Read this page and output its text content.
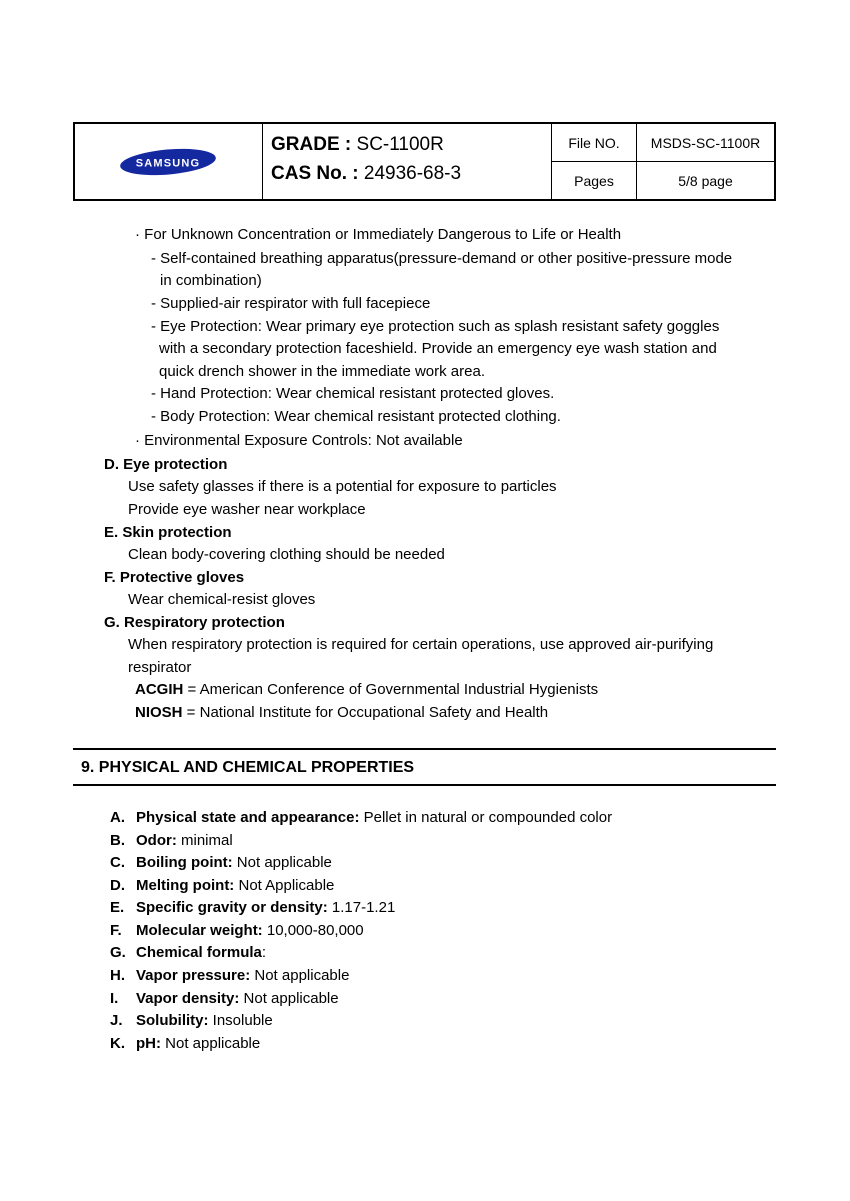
SAMSUNG
GRADE : SC-1100R
CAS No. : 24936-68-3
File NO.	MSDS-SC-1100R
Pages	5/8 page
· For Unknown Concentration or Immediately Dangerous to Life or Health
- Self-contained breathing apparatus(pressure-demand or other positive-pressure mode
in combination)
- Supplied-air respirator with full facepiece
- Eye Protection: Wear primary eye protection such as splash resistant safety goggles
with a secondary protection faceshield. Provide an emergency eye wash station and
quick drench shower in the immediate work area.
- Hand Protection: Wear chemical resistant protected gloves.
- Body Protection: Wear chemical resistant protected clothing.
· Environmental Exposure Controls: Not available
D. Eye protection
Use safety glasses if there is a potential for exposure to particles
Provide eye washer near workplace
E. Skin protection
Clean body-covering clothing should be needed
F. Protective gloves
Wear chemical-resist gloves
G. Respiratory protection
When respiratory protection is required for certain operations, use approved air-purifying
respirator
ACGIH = American Conference of Governmental Industrial Hygienists
NIOSH = National Institute for Occupational Safety and Health
9. PHYSICAL AND CHEMICAL PROPERTIES
A. Physical state and appearance: Pellet in natural or compounded color
B. Odor: minimal
C. Boiling point: Not applicable
D. Melting point: Not Applicable
E. Specific gravity or density: 1.17-1.21
F. Molecular weight: 10,000-80,000
G. Chemical formula:
H. Vapor pressure: Not applicable
I. Vapor density: Not applicable
J. Solubility: Insoluble
K. pH: Not applicable
